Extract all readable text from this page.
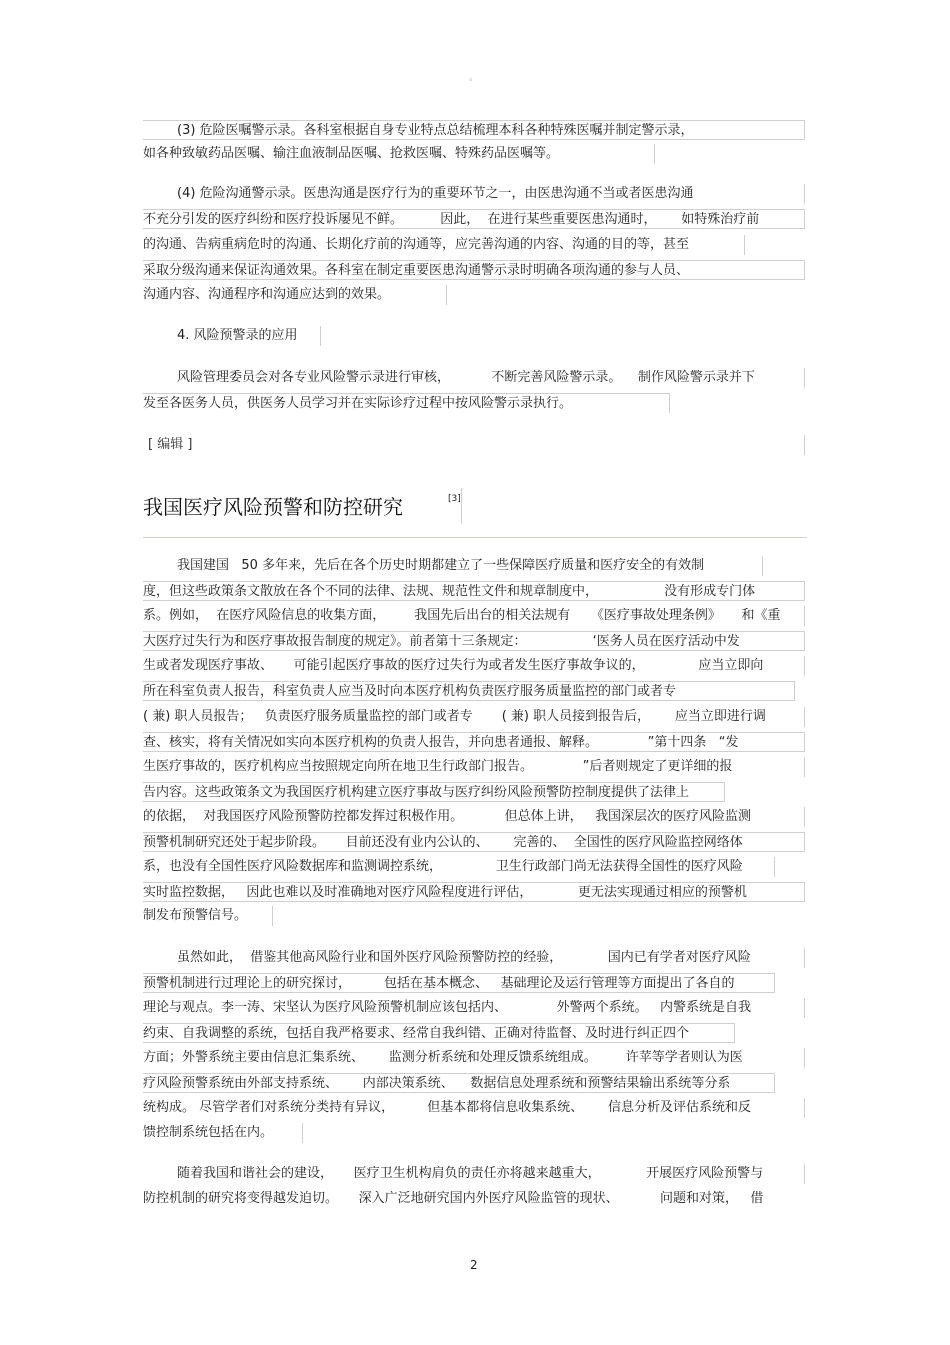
。
(3) 危险医嘱警示录。各科室根据自身专业特点总结梳理本科各种特殊医嘱并制定警示录，
如各种致敏药品医嘱、输注血液制品医嘱、抢救医嘱、特殊药品医嘱等。
(4) 危险沟通警示录。医患沟通是医疗行为的重要环节之一，由医患沟通不当或者医患沟通
不充分引发的医疗纠纷和医疗投诉屡见不鲜。         因此，  在进行某些重要医患沟通时，      如特殊治疗前
的沟通、告病重病危时的沟通、长期化疗前的沟通等，应完善沟通的内容、沟通的目的等，甚至
采取分级沟通来保证沟通效果。各科室在制定重要医患沟通警示录时明确各项沟通的参与人员、
沟通内容、沟通程序和沟通应达到的效果。
4. 风险预警录的应用
风险管理委员会对各专业风险警示录进行审核，          不断完善风险警示录。    制作风险警示录并下
发至各医务人员，供医务人员学习并在实际诊疗过程中按风险警示录执行。
[ 编辑 ]
我国医疗风险预警和防控研究	[3]
我国建国   50 多年来，先后在各个历史时期都建立了一些保障医疗质量和医疗安全的有效制
度，但这些政策条文散放在各个不同的法律、法规、规范性文件和规章制度中，                没有形成专门体
系。例如，  在医疗风险信息的收集方面，       我国先后出台的相关法规有     《医疗事故处理条例》     和《重
大医疗过失行为和医疗事故报告制度的规定》。前者第十三条规定：                ‘医务人员在医疗活动中发
生或者发现医疗事故、     可能引起医疗事故的医疗过失行为或者发生医疗事故争议的，             应当立即向
所在科室负责人报告，科室负责人应当及时向本医疗机构负责医疗服务质量监控的部门或者专
( 兼) 职人员报告；   负责医疗服务质量监控的部门或者专       ( 兼) 职人员接到报告后，      应当立即进行调
查、核实，将有关情况如实向本医疗机构的负责人报告，并向患者通报、解释。            ”第十四条   “发
生医疗事故的，医疗机构应当按照规定向所在地卫生行政部门报告。            ”后者则规定了更详细的报
告内容。这些政策条文为我国医疗机构建立医疗事故与医疗纠纷风险预警防控制度提供了法律上
的依据，  对我国医疗风险预警防控都发挥过积极作用。          但总体上讲，   我国深层次的医疗风险监测
预警机制研究还处于起步阶段。     目前还没有业内公认的、      完善的、  全国性的医疗风险监控网络体
系，也没有全国性医疗风险数据库和监测调控系统，             卫生行政部门尚无法获得全国性的医疗风险
实时监控数据，   因此也难以及时准确地对医疗风险程度进行评估，           更无法实现通过相应的预警机
制发布预警信号。
虽然如此，  借鉴其他高风险行业和国外医疗风险预警防控的经验，           国内已有学者对医疗风险
预警机制进行过理论上的研究探讨，        包括在基本概念、   基础理论及运行管理等方面提出了各自的
理论与观点。李一涛、宋坚认为医疗风险预警机制应该包括内、            外警两个系统。   内警系统是自我
约束、自我调整的系统，包括自我严格要求、经常自我纠错、正确对待监督、及时进行纠正四个
方面；外警系统主要由信息汇集系统、      监测分析系统和处理反馈系统组成。       许苹等学者则认为医
疗风险预警系统由外部支持系统、      内部决策系统、    数据信息处理系统和预警结果输出系统等分系
统构成。 尽管学者们对系统分类持有异议，        但基本都将信息收集系统、      信息分析及评估系统和反
馈控制系统包括在内。
随着我国和谐社会的建设，     医疗卫生机构肩负的责任亦将越来越重大，           开展医疗风险预警与
防控机制的研究将变得越发迫切。     深入广泛地研究国内外医疗风险监管的现状、          问题和对策，   借
2
